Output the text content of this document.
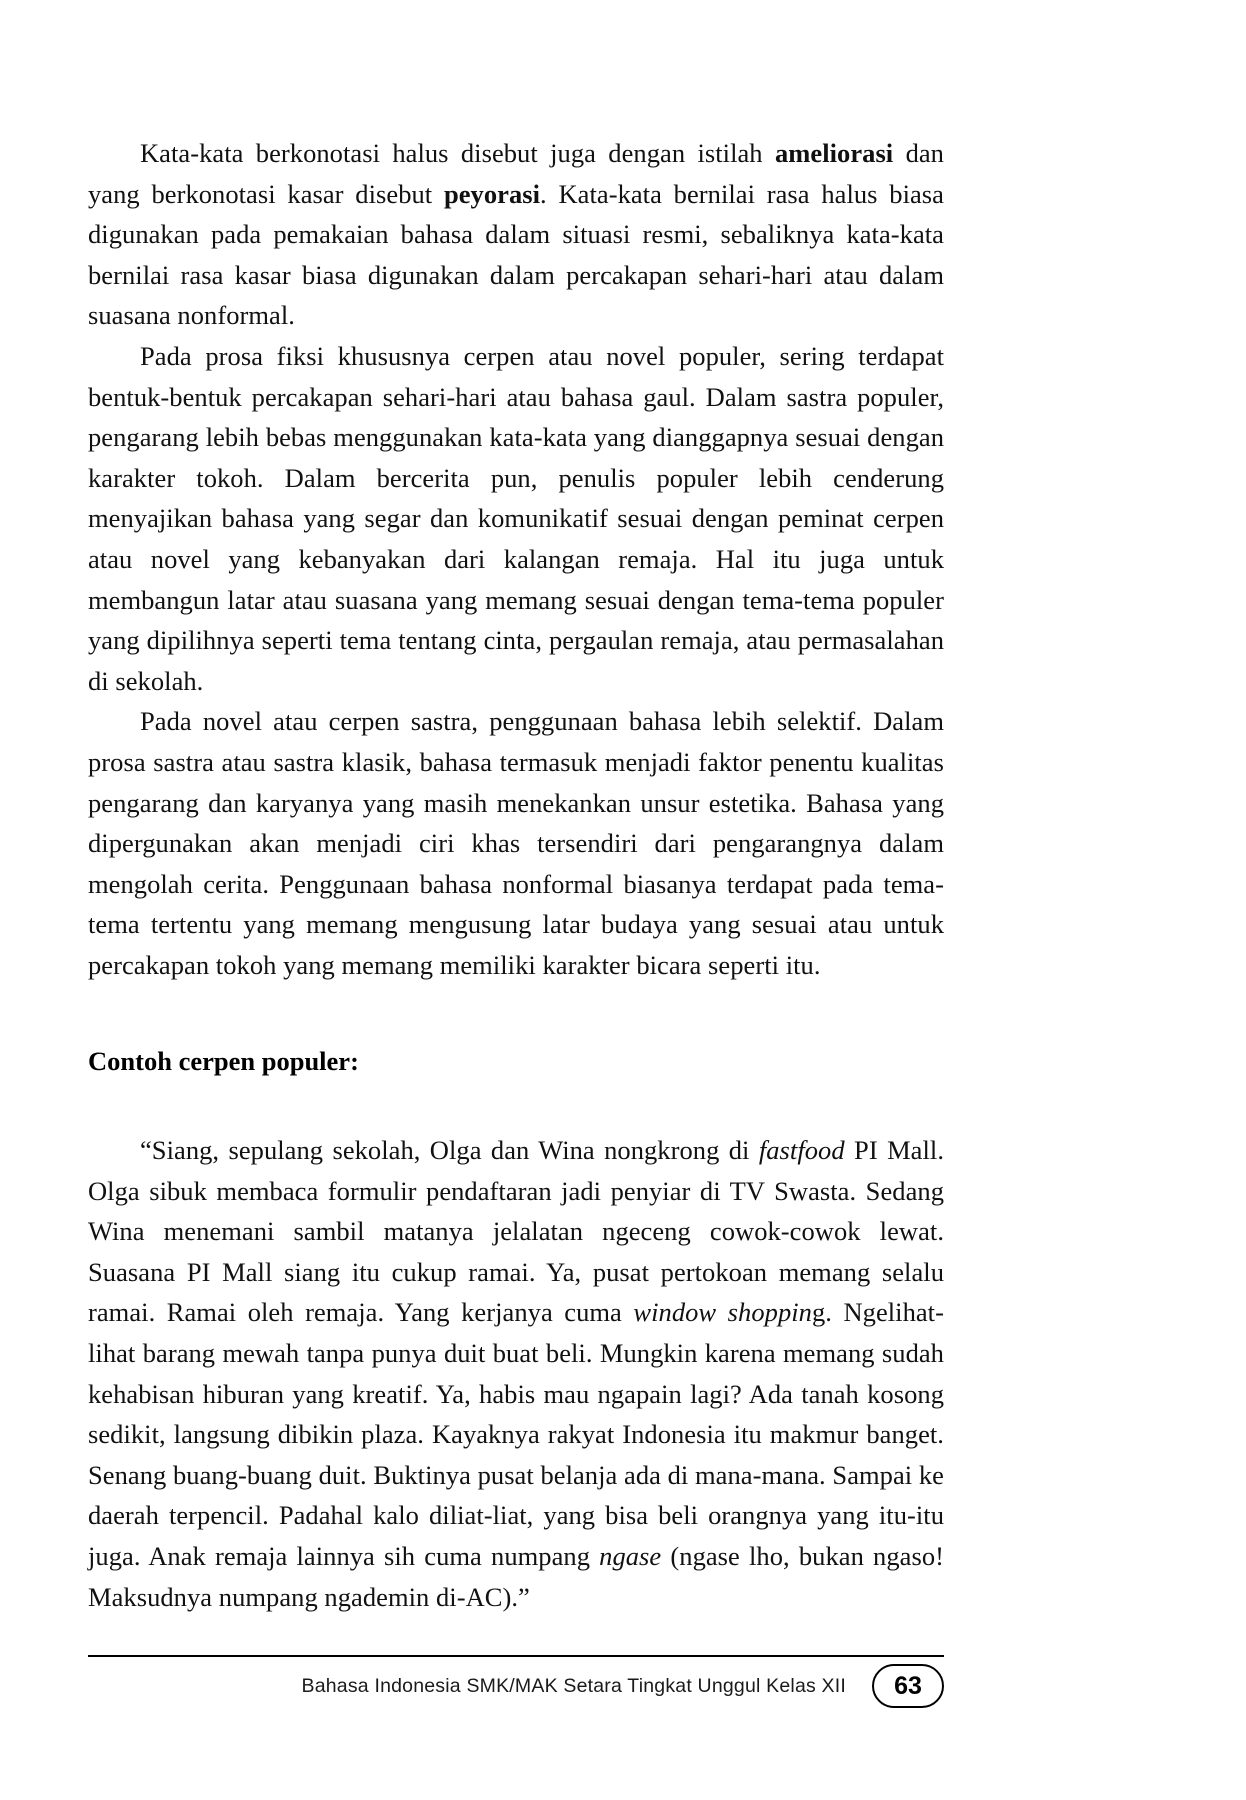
Kata-kata berkonotasi halus disebut juga dengan istilah ameliorasi dan yang berkonotasi kasar disebut peyorasi. Kata-kata bernilai rasa halus biasa digunakan pada pemakaian bahasa dalam situasi resmi, sebaliknya kata-kata bernilai rasa kasar biasa digunakan dalam percakapan sehari-hari atau dalam suasana nonformal.

Pada prosa fiksi khususnya cerpen atau novel populer, sering terdapat bentuk-bentuk percakapan sehari-hari atau bahasa gaul. Dalam sastra populer, pengarang lebih bebas menggunakan kata-kata yang dianggapnya sesuai dengan karakter tokoh. Dalam bercerita pun, penulis populer lebih cenderung menyajikan bahasa yang segar dan komunikatif sesuai dengan peminat cerpen atau novel yang kebanyakan dari kalangan remaja. Hal itu juga untuk membangun latar atau suasana yang memang sesuai dengan tema-tema populer yang dipilihnya seperti tema tentang cinta, pergaulan remaja, atau permasalahan di sekolah.

Pada novel atau cerpen sastra, penggunaan bahasa lebih selektif. Dalam prosa sastra atau sastra klasik, bahasa termasuk menjadi faktor penentu kualitas pengarang dan karyanya yang masih menekankan unsur estetika. Bahasa yang dipergunakan akan menjadi ciri khas tersendiri dari pengarangnya dalam mengolah cerita. Penggunaan bahasa nonformal biasanya terdapat pada tema-tema tertentu yang memang mengusung latar budaya yang sesuai atau untuk percakapan tokoh yang memang memiliki karakter bicara seperti itu.

Contoh cerpen populer:

“Siang, sepulang sekolah, Olga dan Wina nongkrong di fastfood PI Mall. Olga sibuk membaca formulir pendaftaran jadi penyiar di TV Swasta. Sedang Wina menemani sambil matanya jelalatan ngeceng cowok-cowok lewat. Suasana PI Mall siang itu cukup ramai. Ya, pusat pertokoan memang selalu ramai. Ramai oleh remaja. Yang kerjanya cuma window shopping. Ngelihat-lihat barang mewah tanpa punya duit buat beli. Mungkin karena memang sudah kehabisan hiburan yang kreatif. Ya, habis mau ngapain lagi? Ada tanah kosong sedikit, langsung dibikin plaza. Kayaknya rakyat Indonesia itu makmur banget. Senang buang-buang duit. Buktinya pusat belanja ada di mana-mana. Sampai ke daerah terpencil. Padahal kalo diliat-liat, yang bisa beli orangnya yang itu-itu juga. Anak remaja lainnya sih cuma numpang ngase (ngase lho, bukan ngaso! Maksudnya numpang ngademin di-AC).”

Bahasa Indonesia SMK/MAK Setara Tingkat Unggul Kelas XII	63
